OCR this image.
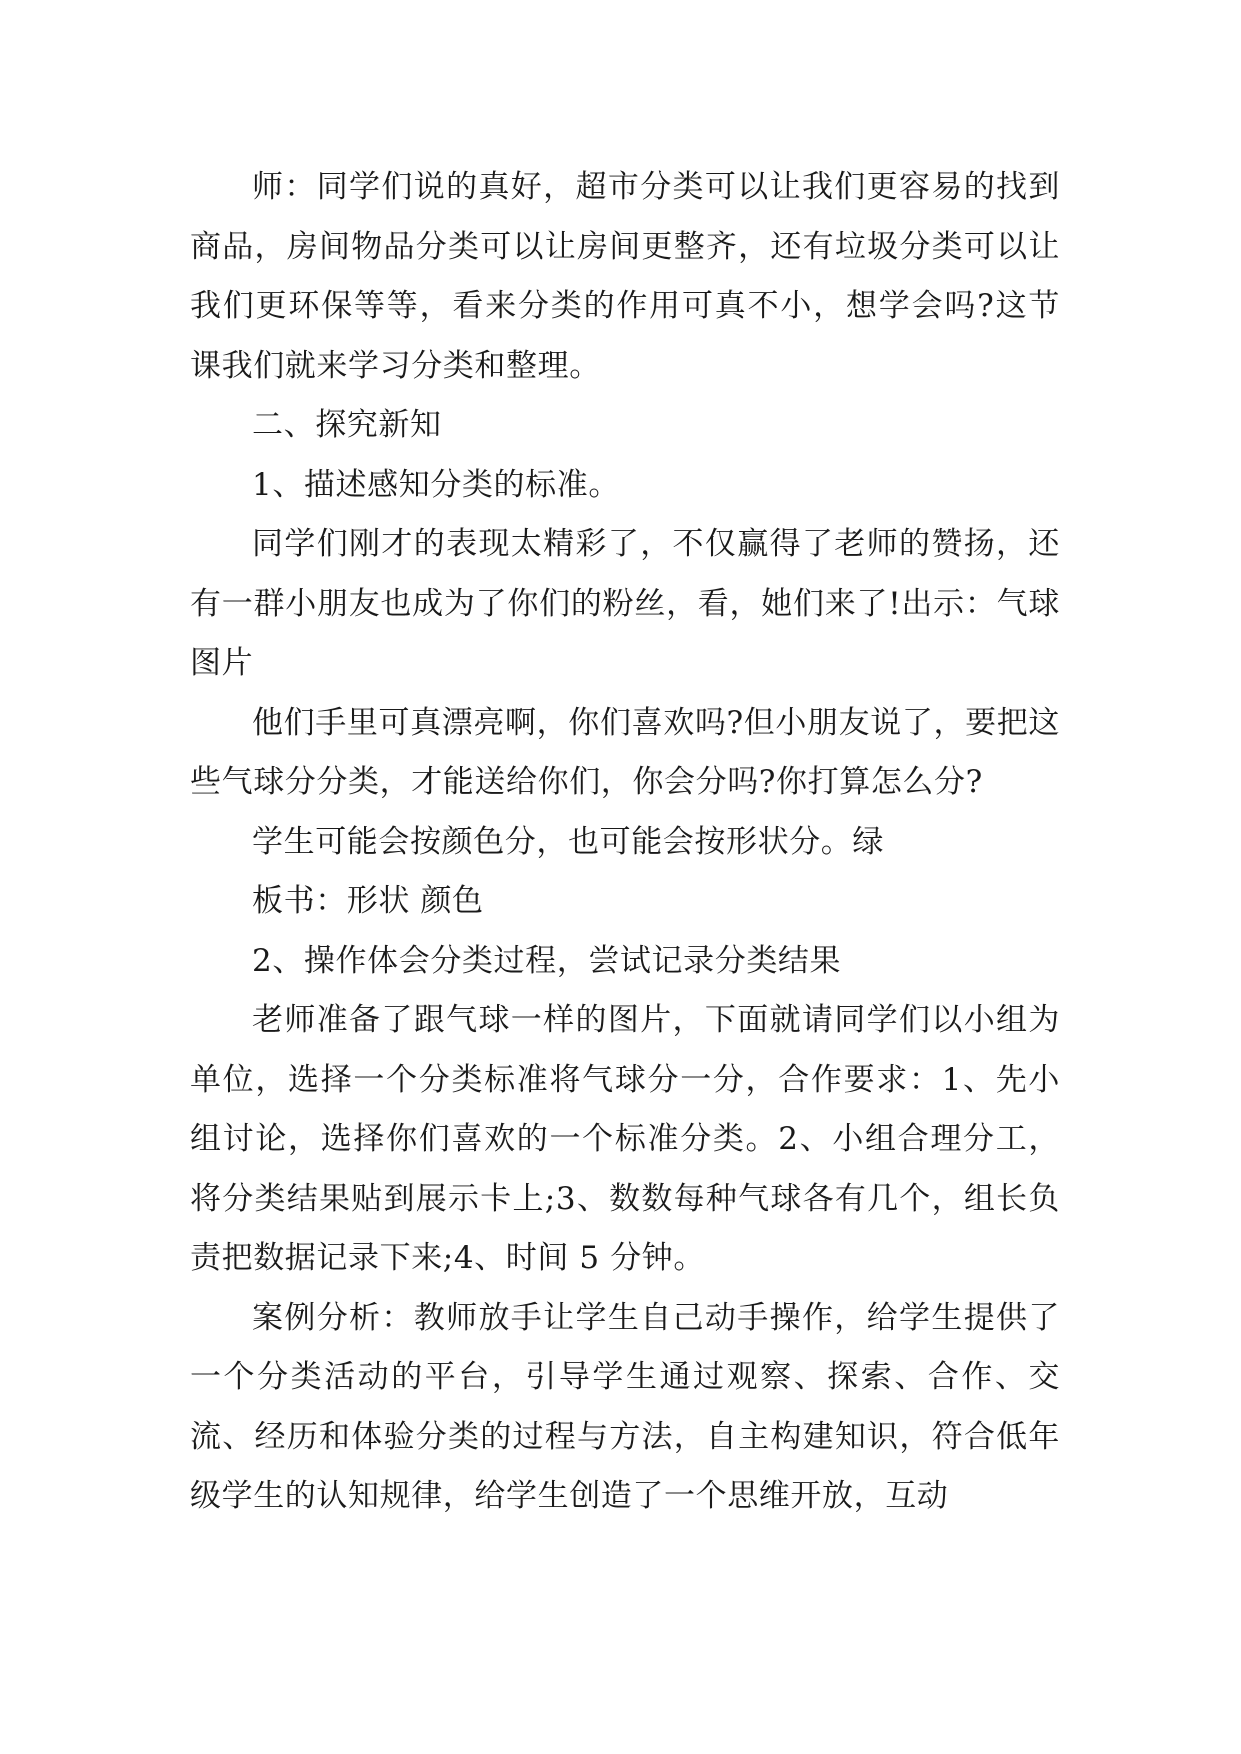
师：同学们说的真好，超市分类可以让我们更容易的找到商品，房间物品分类可以让房间更整齐，还有垃圾分类可以让我们更环保等等，看来分类的作用可真不小，想学会吗?这节课我们就来学习分类和整理。

二、探究新知

1、描述感知分类的标准。

同学们刚才的表现太精彩了，不仅赢得了老师的赞扬，还有一群小朋友也成为了你们的粉丝，看，她们来了!出示：气球图片

他们手里可真漂亮啊，你们喜欢吗?但小朋友说了，要把这些气球分分类，才能送给你们，你会分吗?你打算怎么分?

学生可能会按颜色分，也可能会按形状分。绿

板书：形状 颜色

2、操作体会分类过程，尝试记录分类结果

老师准备了跟气球一样的图片，下面就请同学们以小组为单位，选择一个分类标准将气球分一分，合作要求：1、先小组讨论，选择你们喜欢的一个标准分类。2、小组合理分工，将分类结果贴到展示卡上;3、数数每种气球各有几个，组长负责把数据记录下来;4、时间 5 分钟。

案例分析：教师放手让学生自己动手操作，给学生提供了一个分类活动的平台，引导学生通过观察、探索、合作、交流、经历和体验分类的过程与方法，自主构建知识，符合低年级学生的认知规律，给学生创造了一个思维开放，互动
